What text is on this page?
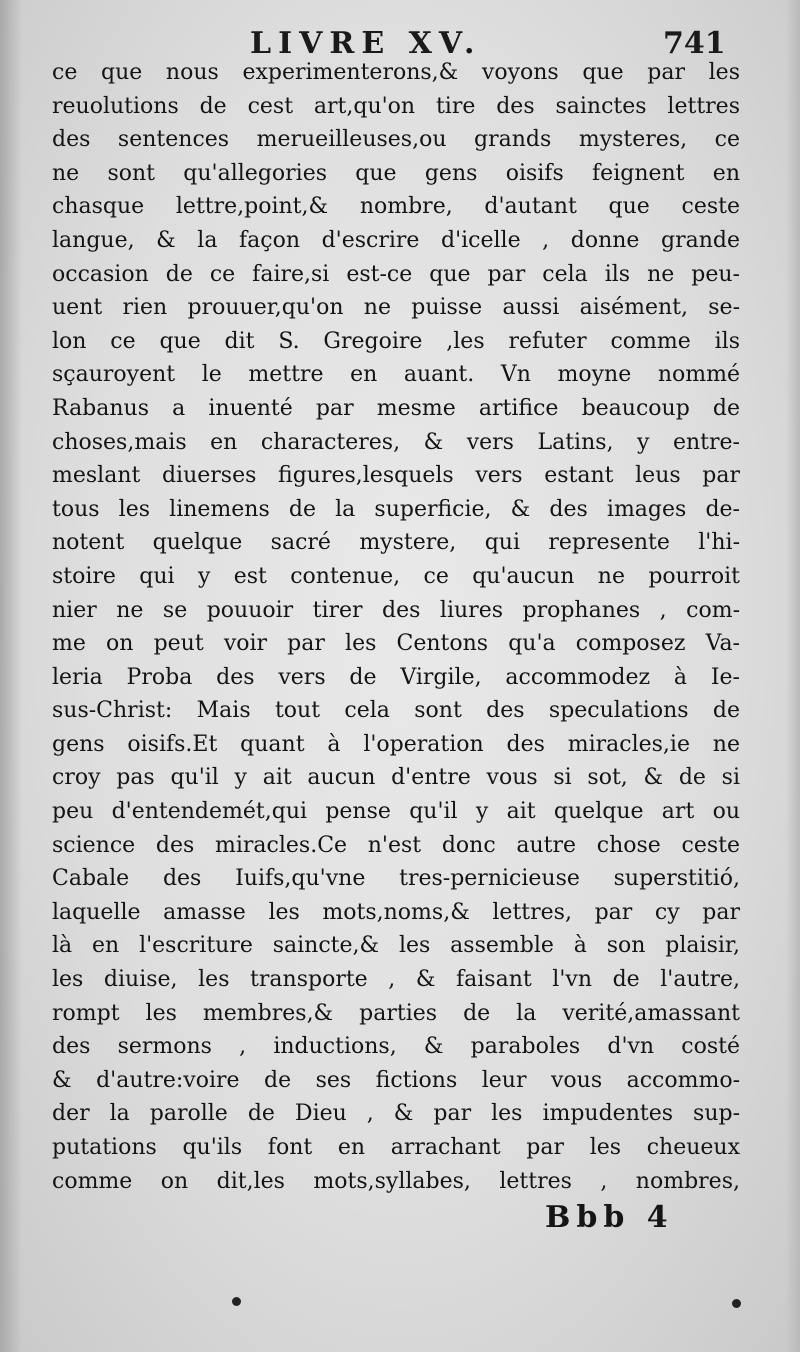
LIVRE XV.	741
ce que nous experimenterons,& voyons que par les
reuolutions de cest art,qu'on tire des sainctes lettres
des sentences merueilleuses,ou grands mysteres, ce
ne sont qu'allegories que gens oisifs feignent en
chasque lettre,point,& nombre, d'autant que ceste
langue, & la façon d'escrire d'icelle , donne grande
occasion de ce faire,si est-ce que par cela ils ne peu-
uent rien prouuer,qu'on ne puisse aussi aisément, se-
lon ce que dit S. Gregoire ,les refuter comme ils
sçauroyent le mettre en auant. Vn moyne nommé
Rabanus a inuenté par mesme artifice beaucoup de
choses,mais en characteres, & vers Latins, y entre-
meslant diuerses figures,lesquels vers estant leus par
tous les linemens de la superficie, & des images de-
notent quelque sacré mystere, qui represente l'hi-
stoire qui y est contenue, ce qu'aucun ne pourroit
nier ne se pouuoir tirer des liures prophanes , com-
me on peut voir par les Centons qu'a composez Va-
leria Proba des vers de Virgile, accommodez à Ie-
sus-Christ: Mais tout cela sont des speculations de
gens oisifs.Et quant à l'operation des miracles,ie ne
croy pas qu'il y ait aucun d'entre vous si sot, & de si
peu d'entendemét,qui pense qu'il y ait quelque art ou
science des miracles.Ce n'est donc autre chose ceste
Cabale des Iuifs,qu'vne tres-pernicieuse superstitió,
laquelle amasse les mots,noms,& lettres, par cy par
là en l'escriture saincte,& les assemble à son plaisir,
les diuise, les transporte , & faisant l'vn de l'autre,
rompt les membres,& parties de la verité,amassant
des sermons , inductions, & paraboles d'vn costé
& d'autre:voire de ses fictions leur vous accommo-
der la parolle de Dieu , & par les impudentes sup-
putations qu'ils font en arrachant par les cheueux
comme on dit,les mots,syllabes, lettres , nombres,
Bbb 4
